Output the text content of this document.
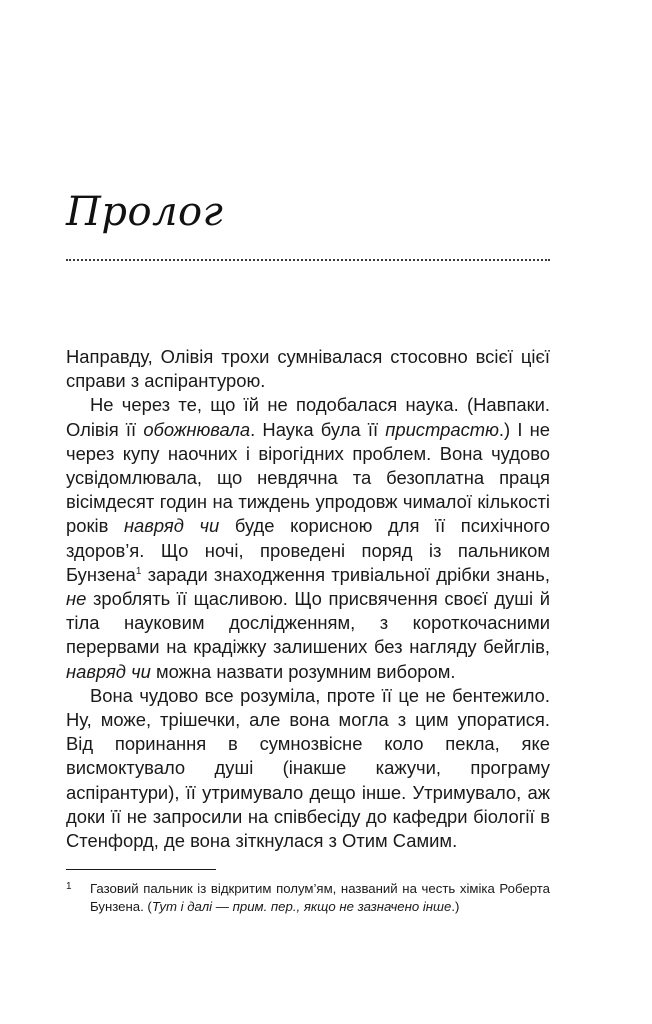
Пролог

Направду, Олівія трохи сумнівалася стосовно всієї цієї справи з аспірантурою.

Не через те, що їй не подобалася наука. (Навпаки. Олівія її обожнювала. Наука була її пристрастю.) І не через купу наочних і вірогідних проблем. Вона чудово усвідомлювала, що невдячна та безоплатна праця вісімдесят годин на тиждень упродовж чималої кількості років навряд чи буде корисною для її психічного здоров’я. Що ночі, проведені поряд із пальником Бунзена$^1$ заради знаходження тривіальної дрібки знань, не зроблять її щасливою. Що присвячення своєї душі й тіла науковим дослідженням, з короткочасними перервами на крадіжку залишених без нагляду бейглів, навряд чи можна назвати розумним вибором.

Вона чудово все розуміла, проте її це не бентежило. Ну, може, трішечки, але вона могла з цим упоратися. Від поринання в сумнозвісне коло пекла, яке висмоктувало душі (інакше кажучи, програму аспірантури), її утримувало дещо інше. Утримувало, аж доки її не запросили на співбесіду до кафедри біології в Стенфорд, де вона зіткнулася з Отим Самим.

1 Газовий пальник із відкритим полум’ям, названий на честь хіміка Роберта Бунзена. (Тут і далі — прим. пер., якщо не зазначено інше.)
